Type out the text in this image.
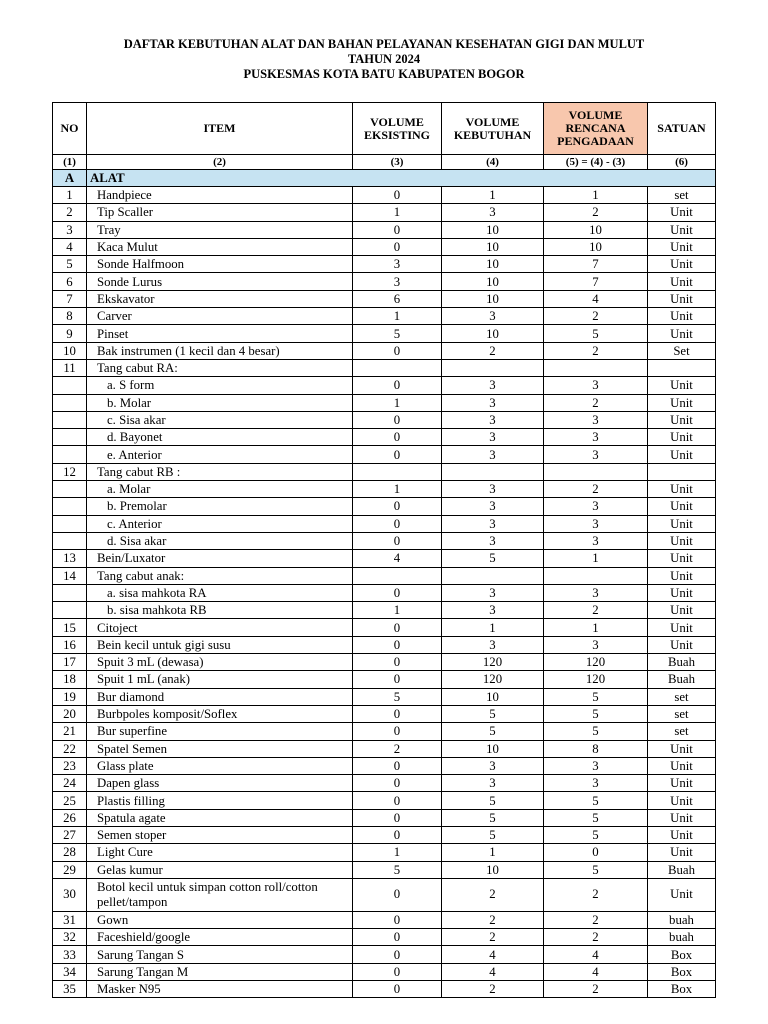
DAFTAR KEBUTUHAN ALAT DAN BAHAN PELAYANAN KESEHATAN GIGI DAN MULUT
TAHUN 2024
PUSKESMAS KOTA BATU KABUPATEN BOGOR
NO	ITEM	VOLUME EKSISTING	VOLUME KEBUTUHAN	VOLUME RENCANA PENGADAAN	SATUAN
(1)	(2)	(3)	(4)	(5) = (4) - (3)	(6)
A	ALAT				
1	Handpiece	0	1	1	set
2	Tip Scaller	1	3	2	Unit
3	Tray	0	10	10	Unit
4	Kaca Mulut	0	10	10	Unit
5	Sonde Halfmoon	3	10	7	Unit
6	Sonde Lurus	3	10	7	Unit
7	Ekskavator	6	10	4	Unit
8	Carver	1	3	2	Unit
9	Pinset	5	10	5	Unit
10	Bak instrumen (1 kecil dan 4 besar)	0	2	2	Set
11	Tang cabut RA:				
	a. S form	0	3	3	Unit
	b. Molar	1	3	2	Unit
	c. Sisa akar	0	3	3	Unit
	d. Bayonet	0	3	3	Unit
	e. Anterior	0	3	3	Unit
12	Tang cabut RB :				
	a. Molar	1	3	2	Unit
	b. Premolar	0	3	3	Unit
	c. Anterior	0	3	3	Unit
	d. Sisa akar	0	3	3	Unit
13	Bein/Luxator	4	5	1	Unit
14	Tang cabut anak:				Unit
	a. sisa mahkota RA	0	3	3	Unit
	b. sisa mahkota RB	1	3	2	Unit
15	Citoject	0	1	1	Unit
16	Bein kecil untuk gigi susu	0	3	3	Unit
17	Spuit 3 mL (dewasa)	0	120	120	Buah
18	Spuit 1 mL (anak)	0	120	120	Buah
19	Bur diamond	5	10	5	set
20	Burbpoles komposit/Soflex	0	5	5	set
21	Bur superfine	0	5	5	set
22	Spatel Semen	2	10	8	Unit
23	Glass plate	0	3	3	Unit
24	Dapen glass	0	3	3	Unit
25	Plastis filling	0	5	5	Unit
26	Spatula agate	0	5	5	Unit
27	Semen stoper	0	5	5	Unit
28	Light Cure	1	1	0	Unit
29	Gelas kumur	5	10	5	Buah
30	Botol kecil untuk simpan cotton roll/cotton pellet/tampon	0	2	2	Unit
31	Gown	0	2	2	buah
32	Faceshield/google	0	2	2	buah
33	Sarung Tangan S	0	4	4	Box
34	Sarung Tangan M	0	4	4	Box
35	Masker N95	0	2	2	Box
